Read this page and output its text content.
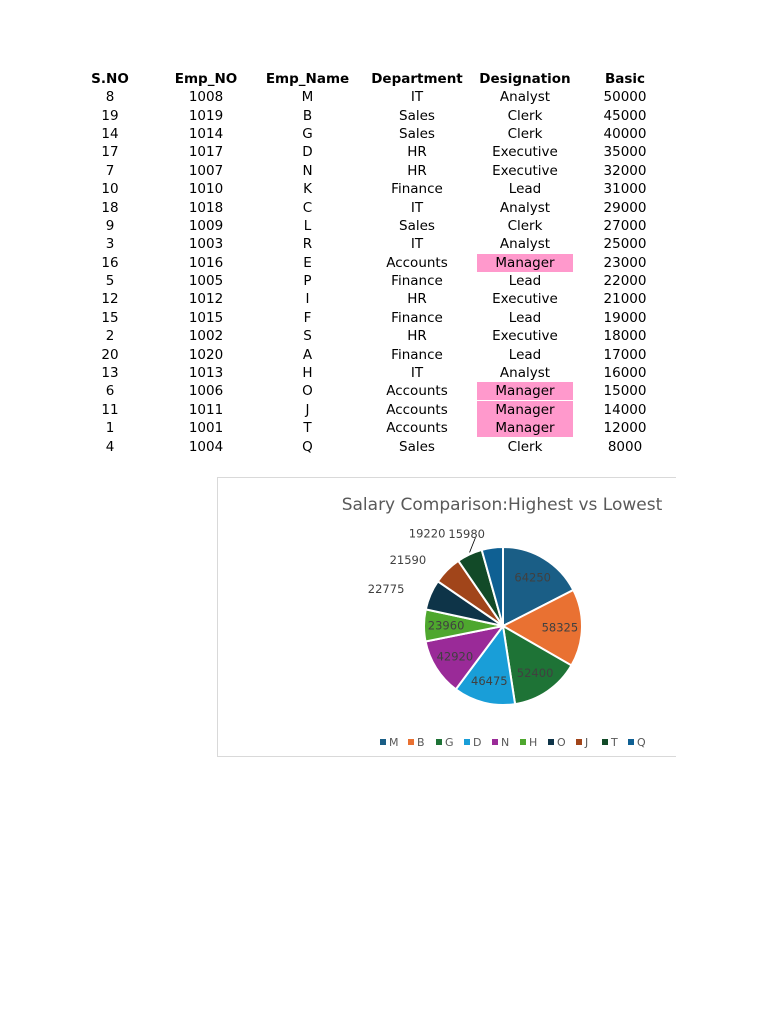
S.NO	Emp_NO	Emp_Name	Department	Designation	Basic
8	1008	M	IT	Analyst	50000
19	1019	B	Sales	Clerk	45000
14	1014	G	Sales	Clerk	40000
17	1017	D	HR	Executive	35000
7	1007	N	HR	Executive	32000
10	1010	K	Finance	Lead	31000
18	1018	C	IT	Analyst	29000
9	1009	L	Sales	Clerk	27000
3	1003	R	IT	Analyst	25000
16	1016	E	Accounts	Manager	23000
5	1005	P	Finance	Lead	22000
12	1012	I	HR	Executive	21000
15	1015	F	Finance	Lead	19000
2	1002	S	HR	Executive	18000
20	1020	A	Finance	Lead	17000
13	1013	H	IT	Analyst	16000
6	1006	O	Accounts	Manager	15000
11	1011	J	Accounts	Manager	14000
1	1001	T	Accounts	Manager	12000
4	1004	Q	Sales	Clerk	8000
Salary Comparison:Highest vs Lowest
64250
58325
52400
46475
42920
23960
22775
21590
19220 15980
M B G D N H O J T Q
